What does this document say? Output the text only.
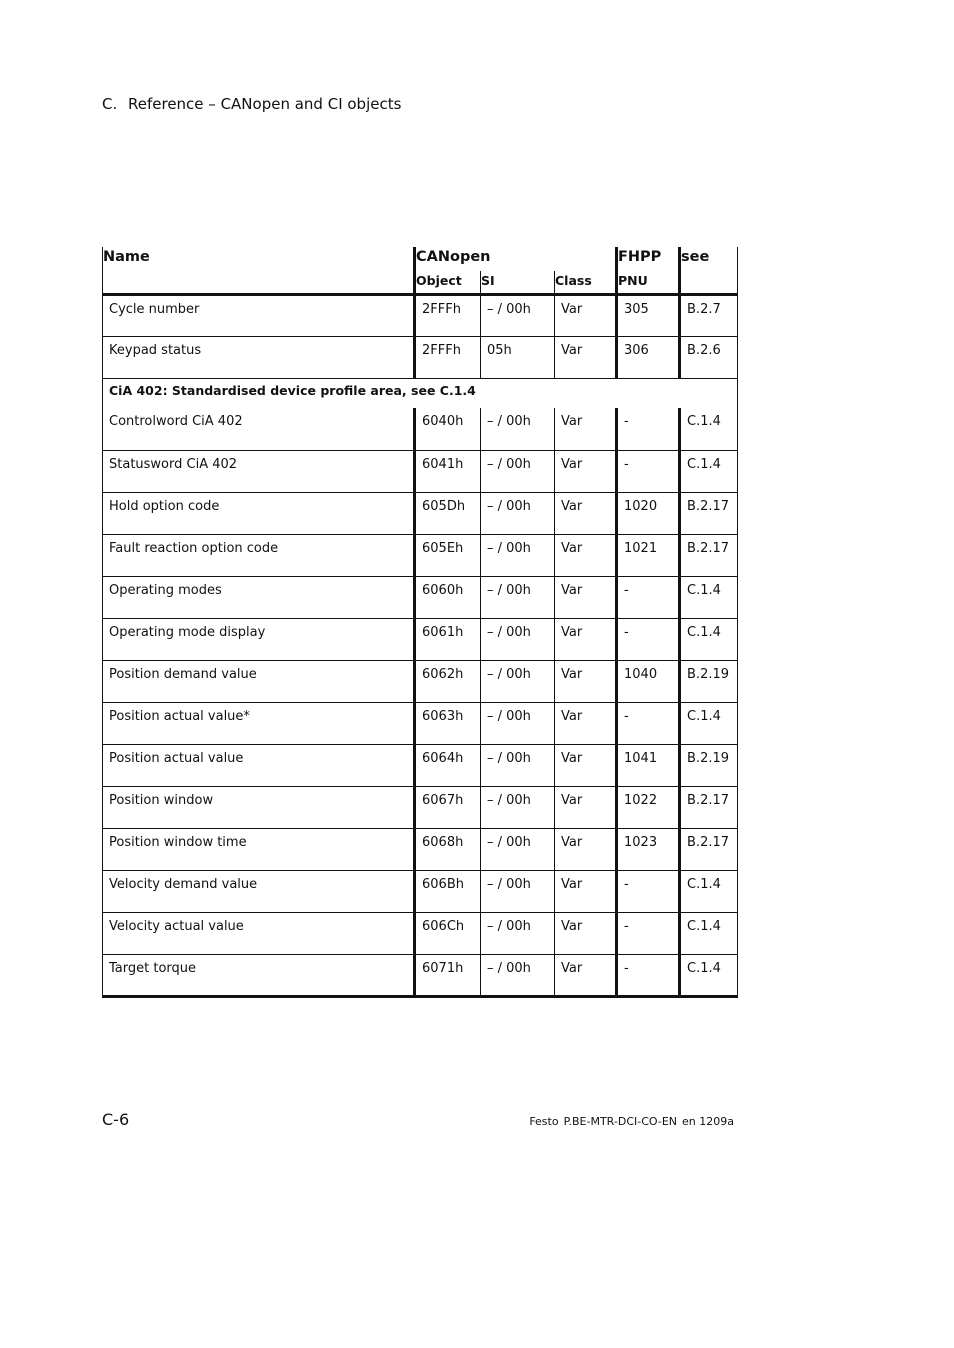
C. Reference – CANopen and CI objects
Name	CANopen			FHPP	see
	Object	SI	Class	PNU	
Cycle number	2FFFh	– / 00h	Var	305	B.2.7
Keypad status	2FFFh	05h	Var	306	B.2.6
CiA 402: Standardised device profile area, see C.1.4					
Controlword CiA 402	6040h	– / 00h	Var	-	C.1.4
Statusword CiA 402	6041h	– / 00h	Var	-	C.1.4
Hold option code	605Dh	– / 00h	Var	1020	B.2.17
Fault reaction option code	605Eh	– / 00h	Var	1021	B.2.17
Operating modes	6060h	– / 00h	Var	-	C.1.4
Operating mode display	6061h	– / 00h	Var	-	C.1.4
Position demand value	6062h	– / 00h	Var	1040	B.2.19
Position actual value*	6063h	– / 00h	Var	-	C.1.4
Position actual value	6064h	– / 00h	Var	1041	B.2.19
Position window	6067h	– / 00h	Var	1022	B.2.17
Position window time	6068h	– / 00h	Var	1023	B.2.17
Velocity demand value	606Bh	– / 00h	Var	-	C.1.4
Velocity actual value	606Ch	– / 00h	Var	-	C.1.4
Target torque	6071h	– / 00h	Var	-	C.1.4
C-6	Festo P.BE-MTR-DCI-CO-EN en 1209a
